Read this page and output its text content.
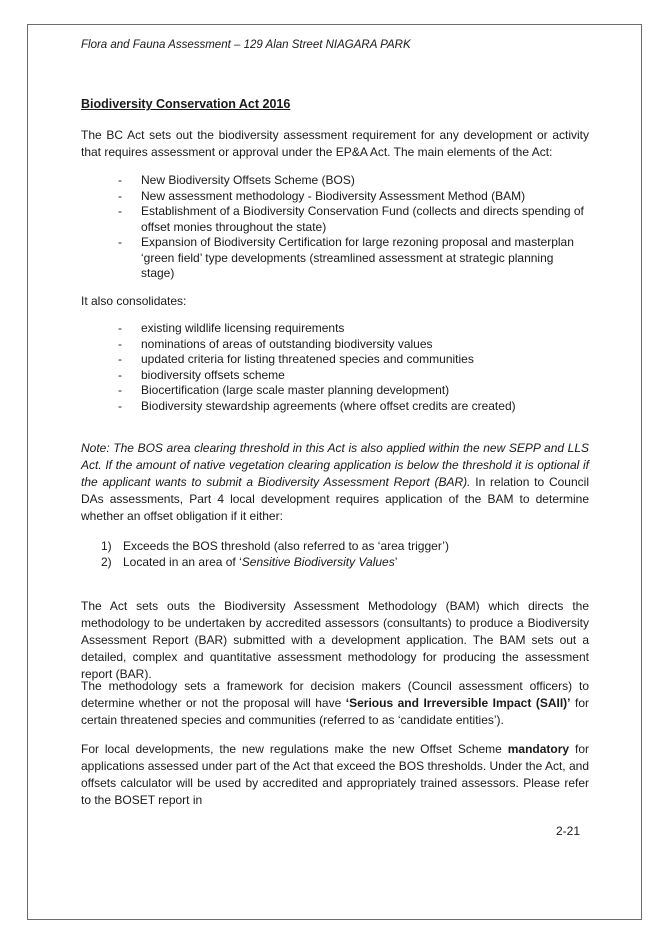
Flora and Fauna Assessment – 129 Alan Street NIAGARA PARK
Biodiversity Conservation Act 2016

The BC Act sets out the biodiversity assessment requirement for any development or activity that requires assessment or approval under the EP&A Act. The main elements of the Act:

- New Biodiversity Offsets Scheme (BOS)
- New assessment methodology - Biodiversity Assessment Method (BAM)
- Establishment of a Biodiversity Conservation Fund (collects and directs spending of offset monies throughout the state)
- Expansion of Biodiversity Certification for large rezoning proposal and masterplan ‘green field’ type developments (streamlined assessment at strategic planning stage)

It also consolidates:

- existing wildlife licensing requirements
- nominations of areas of outstanding biodiversity values
- updated criteria for listing threatened species and communities
- biodiversity offsets scheme
- Biocertification (large scale master planning development)
- Biodiversity stewardship agreements (where offset credits are created)

Note: The BOS area clearing threshold in this Act is also applied within the new SEPP and LLS Act. If the amount of native vegetation clearing application is below the threshold it is optional if the applicant wants to submit a Biodiversity Assessment Report (BAR). In relation to Council DAs assessments, Part 4 local development requires application of the BAM to determine whether an offset obligation if it either:

1) Exceeds the BOS threshold (also referred to as ‘area trigger’)
2) Located in an area of ‘Sensitive Biodiversity Values’

The Act sets outs the Biodiversity Assessment Methodology (BAM) which directs the methodology to be undertaken by accredited assessors (consultants) to produce a Biodiversity Assessment Report (BAR) submitted with a development application. The BAM sets out a detailed, complex and quantitative assessment methodology for producing the assessment report (BAR).

The methodology sets a framework for decision makers (Council assessment officers) to determine whether or not the proposal will have ‘Serious and Irreversible Impact (SAII)’ for certain threatened species and communities (referred to as ‘candidate entities’).

For local developments, the new regulations make the new Offset Scheme mandatory for applications assessed under part of the Act that exceed the BOS thresholds. Under the Act, and offsets calculator will be used by accredited and appropriately trained assessors. Please refer to the BOSET report in

2-21
